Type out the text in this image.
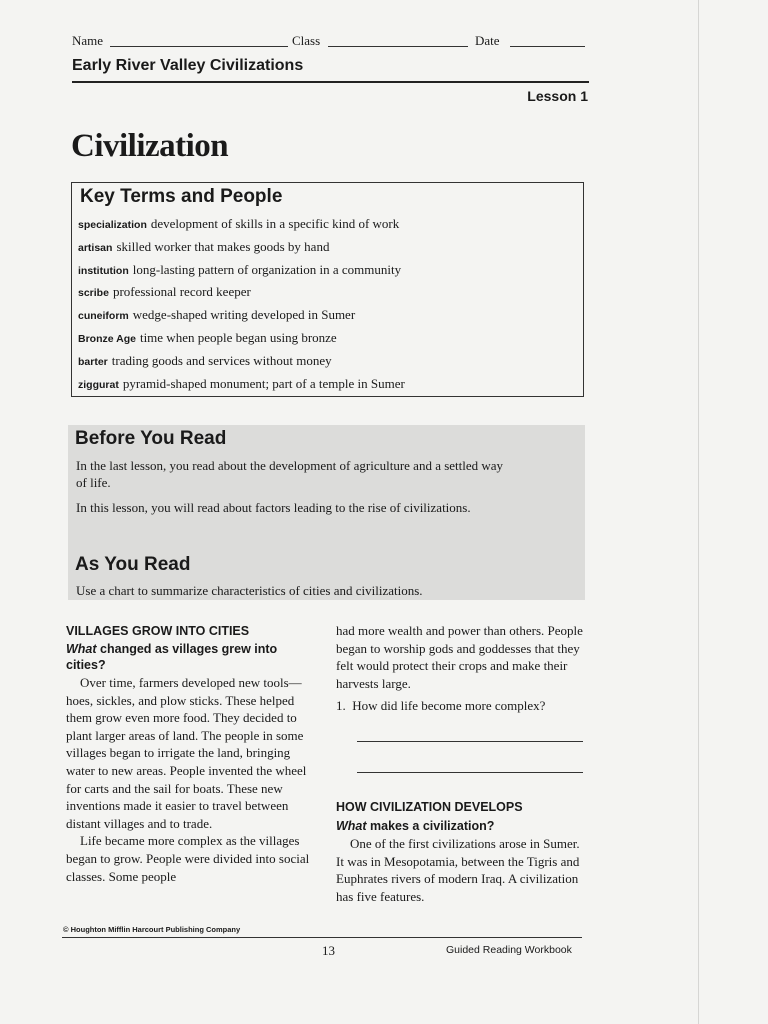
Name	Class	Date
Early River Valley Civilizations
Lesson 1
Civilization
Key Terms and People
specialization development of skills in a specific kind of work
artisan skilled worker that makes goods by hand
institution long-lasting pattern of organization in a community
scribe professional record keeper
cuneiform wedge-shaped writing developed in Sumer
Bronze Age time when people began using bronze
barter trading goods and services without money
ziggurat pyramid-shaped monument; part of a temple in Sumer
Before You Read
In the last lesson, you read about the development of agriculture and a settled way of life.
In this lesson, you will read about factors leading to the rise of civilizations.
As You Read
Use a chart to summarize characteristics of cities and civilizations.
VILLAGES GROW INTO CITIES
What changed as villages grew into cities?

Over time, farmers developed new tools—hoes, sickles, and plow sticks. These helped them grow even more food. They decided to plant larger areas of land. The people in some villages began to irrigate the land, bringing water to new areas. People invented the wheel for carts and the sail for boats. These new inventions made it easier to travel between distant villages and to trade.

Life became more complex as the villages began to grow. People were divided into social classes. Some people

had more wealth and power than others. People began to worship gods and goddesses that they felt would protect their crops and make their harvests large.
1. How did life become more complex?
HOW CIVILIZATION DEVELOPS
What makes a civilization?
One of the first civilizations arose in Sumer. It was in Mesopotamia, between the Tigris and Euphrates rivers of modern Iraq. A civilization has five features.
© Houghton Mifflin Harcourt Publishing Company
13	Guided Reading Workbook
